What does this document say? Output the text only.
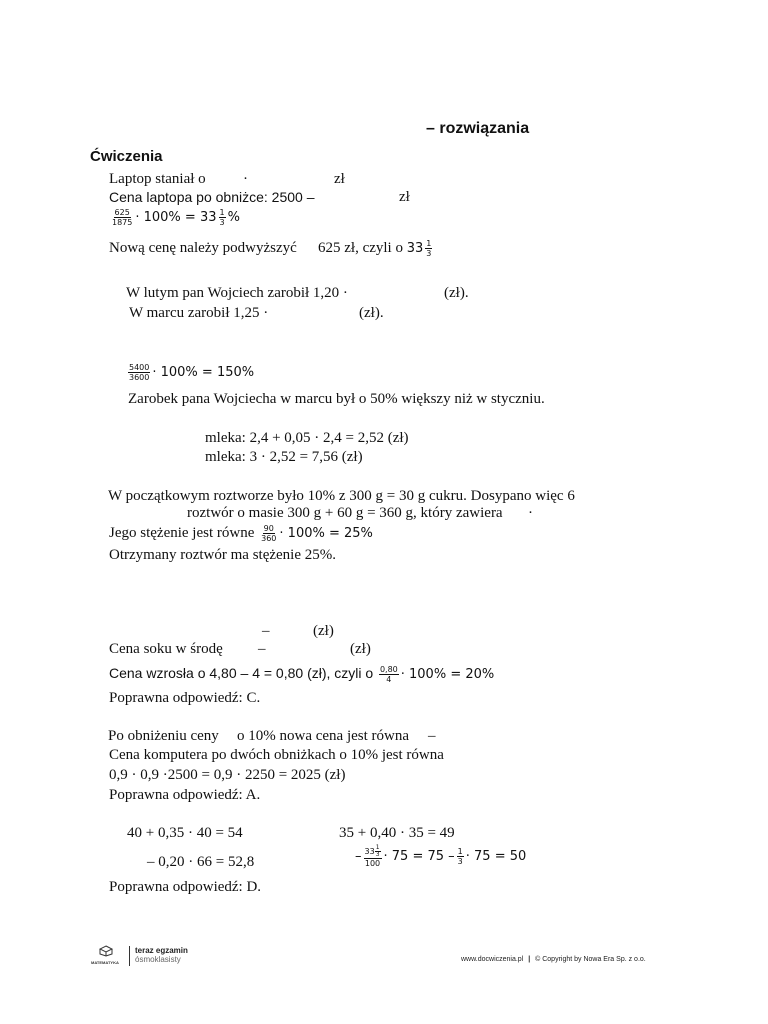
– rozwiązania
Ćwiczenia
Laptop staniał o ·	zł
Cena laptopa po obniżce: 2500 –	zł
$\frac{625}{1875} \cdot 100\% = 33 \frac{1}{3}$ %
Nową cenę należy podwyższyć 625 zł, czyli o $33 \frac{1}{3}$
W lutym pan Wojciech zarobił 1,20 ·	(zł).
W marcu zarobił 1,25 ·	(zł).
$\frac{5400}{3600} \cdot 100\% = 150\%$
Zarobek pana Wojciecha w marcu był o 50% większy niż w styczniu.
mleka: 2,4 + 0,05 · 2,4 = 2,52 (zł)
mleka: 3 · 2,52 = 7,56 (zł)
W początkowym roztworze było 10% z 300 g = 30 g cukru. Dosypano więc 6
roztwór o masie 300 g + 60 g = 360 g, który zawiera ·
Jego stężenie jest równe $\frac{90}{360} \cdot 100\% = 25\%$
Otrzymany roztwór ma stężenie 25%.
–	(zł)
Cena soku w środę –	(zł)
Cena wzrosła o 4,80 – 4 = 0,80 (zł), czyli o $\frac{0,80}{4} \cdot 100\% = 20\%$
Poprawna odpowiedź: C.
Po obniżeniu ceny o 10% nowa cena jest równa –
Cena komputera po dwóch obniżkach o 10% jest równa
0,9 · 0,9 ·2500 = 0,9 · 2250 = 2025 (zł)
Poprawna odpowiedź: A.
40 + 0,35 · 40 = 54	35 + 0,40 · 35 = 49
– 0,20 · 66 = 52,8	– $\frac{33 \frac{1}{3}}{100} \cdot 75 = 75 - \frac{1}{3} \cdot 75 = 50$
Poprawna odpowiedź: D.
MATEMATYKA
teraz egzamin
ósmoklasisty	www.docwiczenia.pl | © Copyright by Nowa Era Sp. z o.o.
